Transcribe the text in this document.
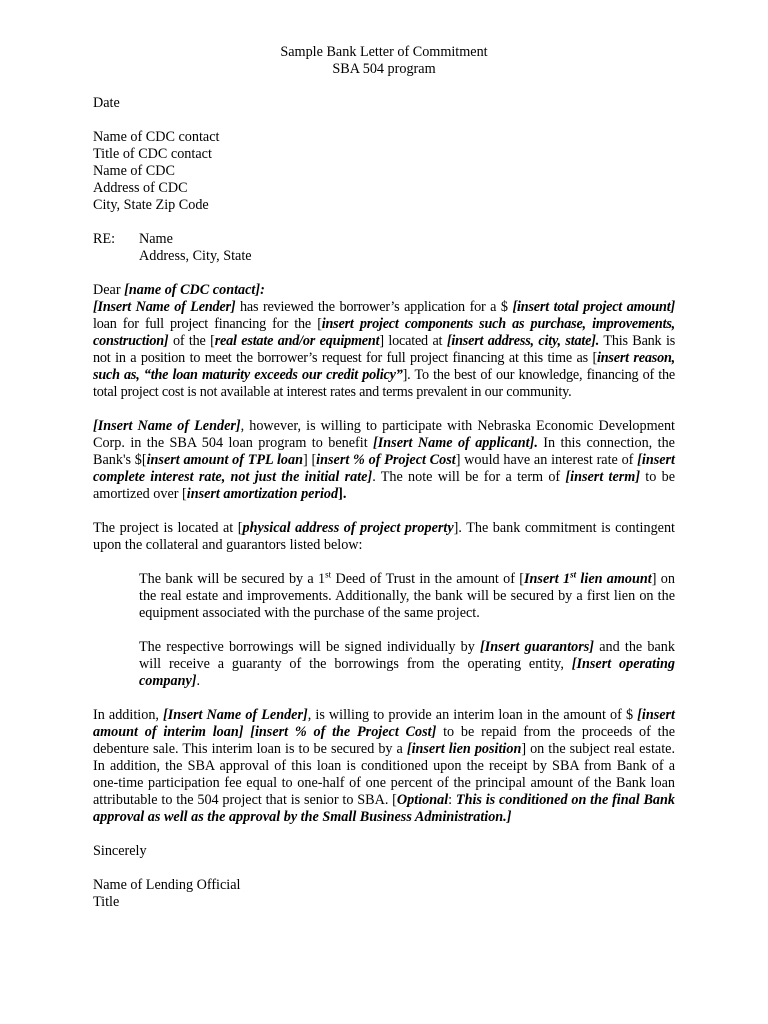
Sample Bank Letter of Commitment
SBA 504 program
Date
Name of CDC contact
Title of CDC contact
Name of CDC
Address of CDC
City, State Zip Code
RE:	Name
Address, City, State
Dear [name of CDC contact]:
[Insert Name of Lender] has reviewed the borrower’s application for a $ [insert total project amount] loan for full project financing for the [insert project components such as purchase, improvements, construction] of the [real estate and/or equipment] located at [insert address, city, state]. This Bank is not in a position to meet the borrower’s request for full project financing at this time as [insert reason, such as, “the loan maturity exceeds our credit policy”]. To the best of our knowledge, financing of the total project cost is not available at interest rates and terms prevalent in our community.
[Insert Name of Lender], however, is willing to participate with Nebraska Economic Development Corp. in the SBA 504 loan program to benefit [Insert Name of applicant]. In this connection, the Bank's $[insert amount of TPL loan] [insert % of Project Cost] would have an interest rate of [insert complete interest rate, not just the initial rate]. The note will be for a term of [insert term] to be amortized over [insert amortization period].
The project is located at [physical address of project property]. The bank commitment is contingent upon the collateral and guarantors listed below:
The bank will be secured by a 1st Deed of Trust in the amount of [Insert 1st lien amount] on the real estate and improvements. Additionally, the bank will be secured by a first lien on the equipment associated with the purchase of the same project.
The respective borrowings will be signed individually by [Insert guarantors] and the bank will receive a guaranty of the borrowings from the operating entity, [Insert operating company].
In addition, [Insert Name of Lender], is willing to provide an interim loan in the amount of $ [insert amount of interim loan] [insert % of the Project Cost] to be repaid from the proceeds of the debenture sale. This interim loan is to be secured by a [insert lien position] on the subject real estate. In addition, the SBA approval of this loan is conditioned upon the receipt by SBA from Bank of a one-time participation fee equal to one-half of one percent of the principal amount of the Bank loan attributable to the 504 project that is senior to SBA. [Optional: This is conditioned on the final Bank approval as well as the approval by the Small Business Administration.]
Sincerely
Name of Lending Official
Title
